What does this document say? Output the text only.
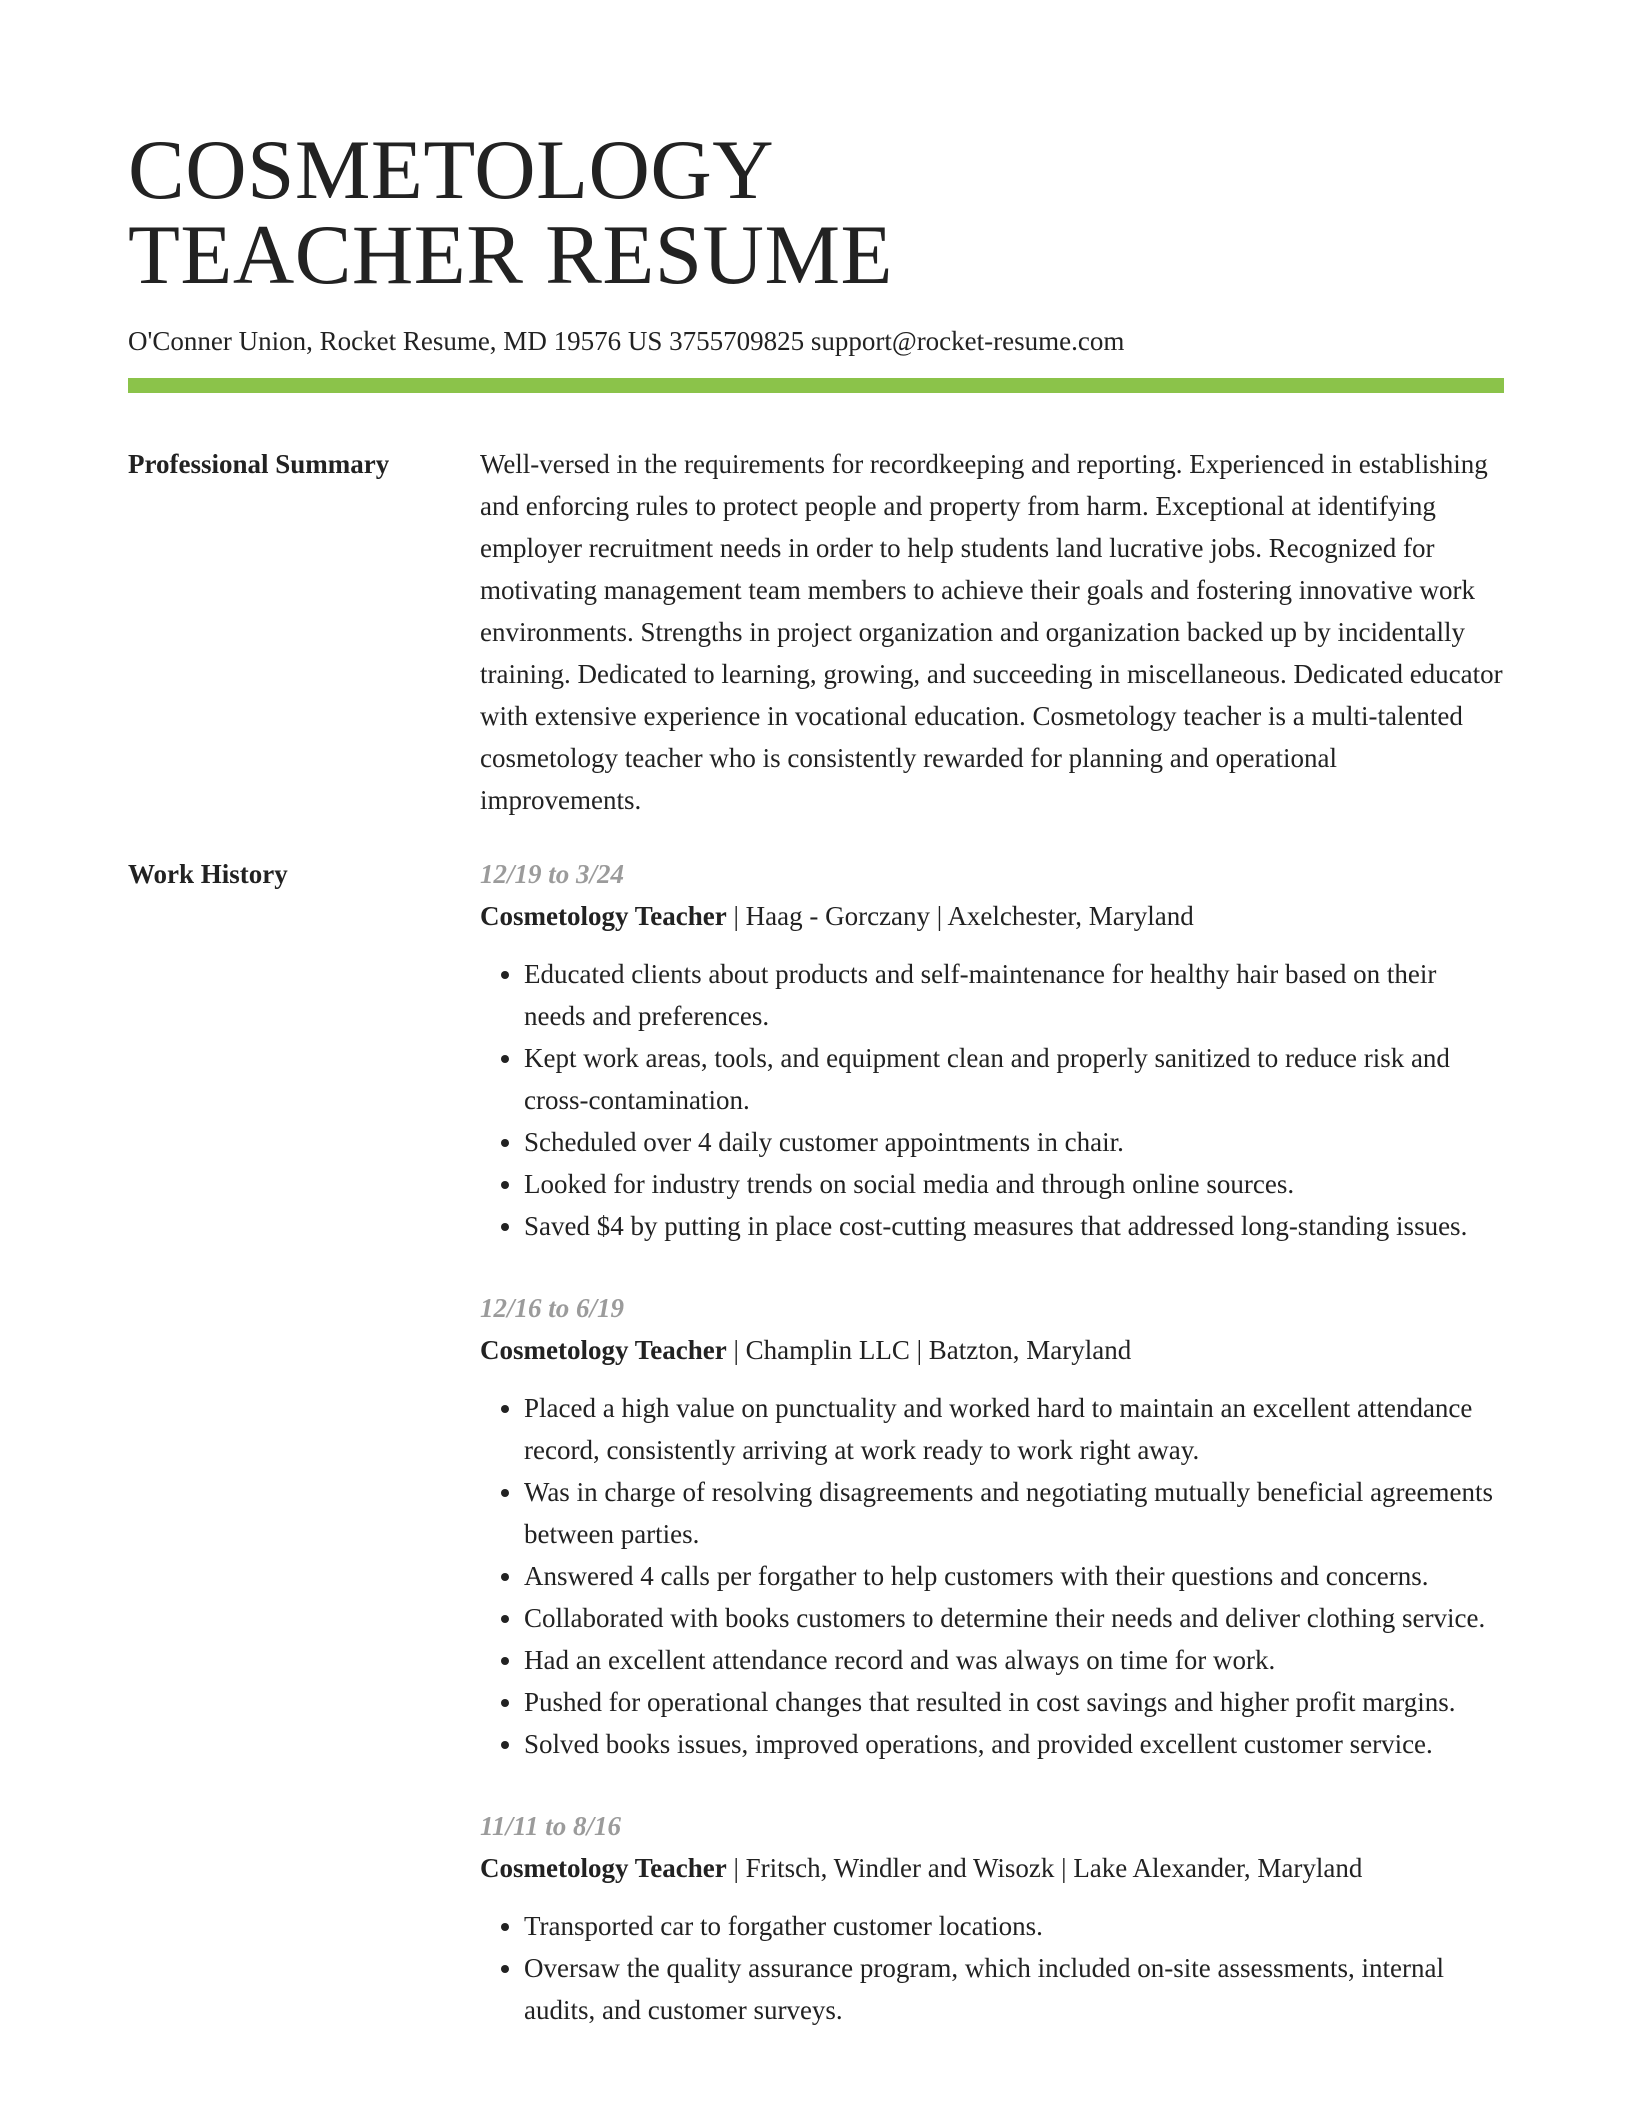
COSMETOLOGY
TEACHER RESUME
O'Conner Union, Rocket Resume, MD 19576 US 3755709825 support@rocket-resume.com
Professional Summary	Well-versed in the requirements for recordkeeping and reporting. Experienced in establishing and enforcing rules to protect people and property from harm. Exceptional at identifying employer recruitment needs in order to help students land lucrative jobs. Recognized for motivating management team members to achieve their goals and fostering innovative work environments. Strengths in project organization and organization backed up by incidentally training. Dedicated to learning, growing, and succeeding in miscellaneous. Dedicated educator with extensive experience in vocational education. Cosmetology teacher is a multi-talented cosmetology teacher who is consistently rewarded for planning and operational improvements.

Work History	12/19 to 3/24
Cosmetology Teacher | Haag - Gorczany | Axelchester, Maryland
• Educated clients about products and self-maintenance for healthy hair based on their needs and preferences.
• Kept work areas, tools, and equipment clean and properly sanitized to reduce risk and cross-contamination.
• Scheduled over 4 daily customer appointments in chair.
• Looked for industry trends on social media and through online sources.
• Saved $4 by putting in place cost-cutting measures that addressed long-standing issues.
12/16 to 6/19
Cosmetology Teacher | Champlin LLC | Batzton, Maryland
• Placed a high value on punctuality and worked hard to maintain an excellent attendance record, consistently arriving at work ready to work right away.
• Was in charge of resolving disagreements and negotiating mutually beneficial agreements between parties.
• Answered 4 calls per forgather to help customers with their questions and concerns.
• Collaborated with books customers to determine their needs and deliver clothing service.
• Had an excellent attendance record and was always on time for work.
• Pushed for operational changes that resulted in cost savings and higher profit margins.
• Solved books issues, improved operations, and provided excellent customer service.
11/11 to 8/16
Cosmetology Teacher | Fritsch, Windler and Wisozk | Lake Alexander, Maryland
• Transported car to forgather customer locations.
• Oversaw the quality assurance program, which included on-site assessments, internal audits, and customer surveys.
